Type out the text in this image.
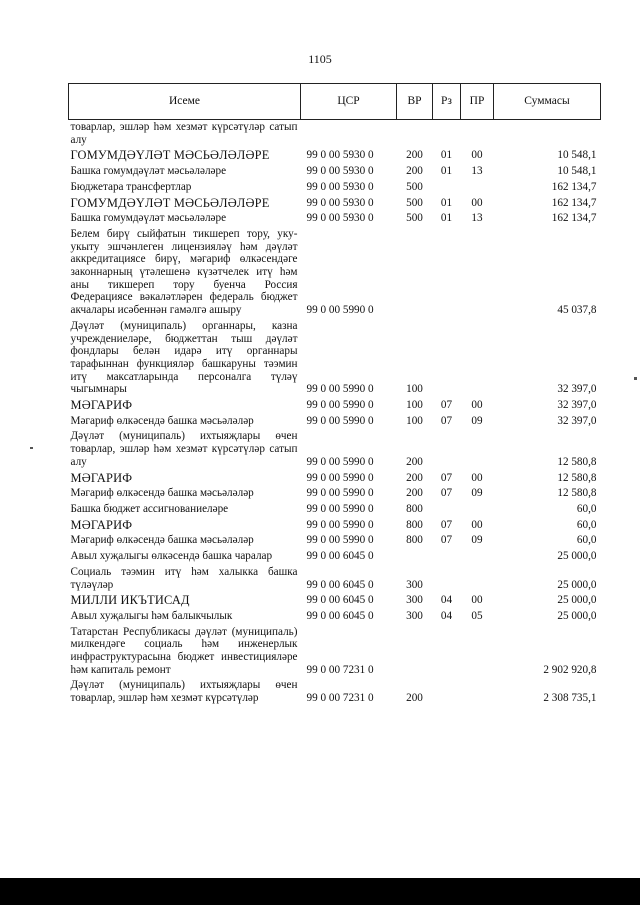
1105
Исеме	ЦСР	ВР	Рз	ПР	Суммасы
товарлар, эшләр һәм хезмәт күрсәтүләр сатып алу					
ГОМУМДӘҮЛӘТ МӘСЬӘЛӘЛӘРЕ	99 0 00 5930 0	200	01	00	10 548,1
Башка гомумдәүләт мәсьәләләре	99 0 00 5930 0	200	01	13	10 548,1
Бюджетара трансфертлар	99 0 00 5930 0	500			162 134,7
ГОМУМДӘҮЛӘТ МӘСЬӘЛӘЛӘРЕ	99 0 00 5930 0	500	01	00	162 134,7
Башка гомумдәүләт мәсьәләләре	99 0 00 5930 0	500	01	13	162 134,7
Белем бирү сыйфатын тикшереп тору, уку-укыту эшчәнлеген лицензияләү һәм дәүләт аккредитациясе бирү, мәгариф өлкәсендәге законнарның үтәлешенә күзәтчелек итү һәм аны тикшереп тору буенча Россия Федерациясе вәкаләтләрен федераль бюджет акчалары исәбеннән гамәлгә ашыру	99 0 00 5990 0				45 037,8
Дәүләт (муниципаль) органнары, казна учреждениеләре, бюджеттан тыш дәүләт фондлары белән идарә итү органнары тарафыннан функцияләр башкаруны тәэмин итү максатларында персоналга түләү чыгымнары	99 0 00 5990 0	100			32 397,0
МӘГАРИФ	99 0 00 5990 0	100	07	00	32 397,0
Мәгариф өлкәсендә башка мәсьәләләр	99 0 00 5990 0	100	07	09	32 397,0
Дәүләт (муниципаль) ихтыяҗлары өчен товарлар, эшләр һәм хезмәт күрсәтүләр сатып алу	99 0 00 5990 0	200			12 580,8
МӘГАРИФ	99 0 00 5990 0	200	07	00	12 580,8
Мәгариф өлкәсендә башка мәсьәләләр	99 0 00 5990 0	200	07	09	12 580,8
Башка бюджет ассигнованиеләре	99 0 00 5990 0	800			60,0
МӘГАРИФ	99 0 00 5990 0	800	07	00	60,0
Мәгариф өлкәсендә башка мәсьәләләр	99 0 00 5990 0	800	07	09	60,0
Авыл хуҗалыгы өлкәсендә башка чаралар	99 0 00 6045 0				25 000,0
Социаль тәэмин итү һәм халыкка башка түләүләр	99 0 00 6045 0	300			25 000,0
МИЛЛИ ИКЪТИСАД	99 0 00 6045 0	300	04	00	25 000,0
Авыл хуҗалыгы һәм балыкчылык	99 0 00 6045 0	300	04	05	25 000,0
Татарстан Республикасы дәүләт (муниципаль) милкендәге социаль һәм инженерлык инфраструктурасына бюджет инвестицияләре һәм капиталь ремонт	99 0 00 7231 0				2 902 920,8
Дәүләт (муниципаль) ихтыяҗлары өчен товарлар, эшләр һәм хезмәт күрсәтүләр	99 0 00 7231 0	200			2 308 735,1
